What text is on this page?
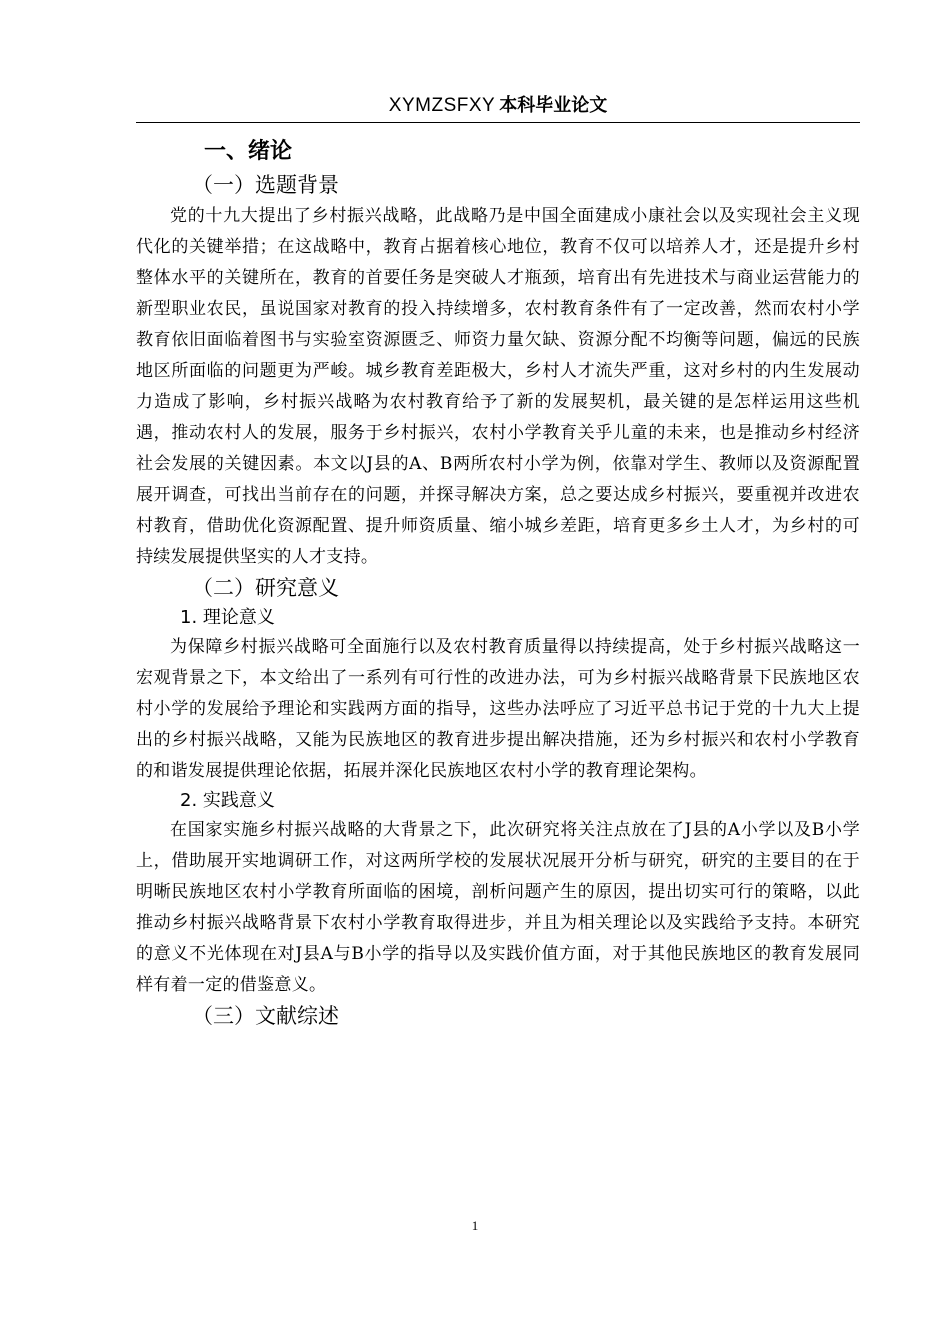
XYMZSFXY 本科毕业论文
一、绪论
（一）选题背景

党的十九大提出了乡村振兴战略，此战略乃是中国全面建成小康社会以及实现社会主义现代化的关键举措；在这战略中，教育占据着核心地位，教育不仅可以培养人才，还是提升乡村整体水平的关键所在，教育的首要任务是突破人才瓶颈，培育出有先进技术与商业运营能力的新型职业农民，虽说国家对教育的投入持续增多，农村教育条件有了一定改善，然而农村小学教育依旧面临着图书与实验室资源匮乏、师资力量欠缺、资源分配不均衡等问题，偏远的民族地区所面临的问题更为严峻。城乡教育差距极大，乡村人才流失严重，这对乡村的内生发展动力造成了影响，乡村振兴战略为农村教育给予了新的发展契机，最关键的是怎样运用这些机遇，推动农村人的发展，服务于乡村振兴，农村小学教育关乎儿童的未来，也是推动乡村经济社会发展的关键因素。本文以J县的A、B两所农村小学为例，依靠对学生、教师以及资源配置展开调查，可找出当前存在的问题，并探寻解决方案，总之要达成乡村振兴，要重视并改进农村教育，借助优化资源配置、提升师资质量、缩小城乡差距，培育更多乡土人才，为乡村的可持续发展提供坚实的人才支持。

（二）研究意义
1. 理论意义

为保障乡村振兴战略可全面施行以及农村教育质量得以持续提高，处于乡村振兴战略这一宏观背景之下，本文给出了一系列有可行性的改进办法，可为乡村振兴战略背景下民族地区农村小学的发展给予理论和实践两方面的指导，这些办法呼应了习近平总书记于党的十九大上提出的乡村振兴战略，又能为民族地区的教育进步提出解决措施，还为乡村振兴和农村小学教育的和谐发展提供理论依据，拓展并深化民族地区农村小学的教育理论架构。

2. 实践意义

在国家实施乡村振兴战略的大背景之下，此次研究将关注点放在了J县的A小学以及B小学上，借助展开实地调研工作，对这两所学校的发展状况展开分析与研究，研究的主要目的在于明晰民族地区农村小学教育所面临的困境，剖析问题产生的原因，提出切实可行的策略，以此推动乡村振兴战略背景下农村小学教育取得进步，并且为相关理论以及实践给予支持。本研究的意义不光体现在对J县A与B小学的指导以及实践价值方面，对于其他民族地区的教育发展同样有着一定的借鉴意义。

（三）文献综述
1
